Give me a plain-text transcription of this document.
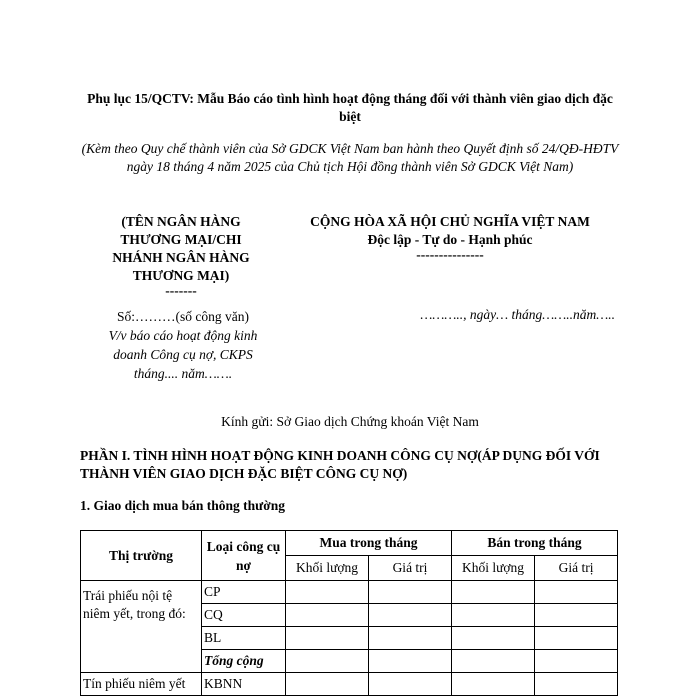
Phụ lục 15/QCTV: Mẫu Báo cáo tình hình hoạt động tháng đối với thành viên giao dịch đặc biệt
(Kèm theo Quy chế thành viên của Sở GDCK Việt Nam ban hành theo Quyết định số 24/QĐ-HĐTV ngày 18 tháng 4 năm 2025 của Chủ tịch Hội đồng thành viên Sở GDCK Việt Nam)
(TÊN NGÂN HÀNG
THƯƠNG MẠI/CHI
NHÁNH NGÂN HÀNG
THƯƠNG MẠI)
-------
CỘNG HÒA XÃ HỘI CHỦ NGHĨA VIỆT NAM
Độc lập - Tự do - Hạnh phúc
---------------
Số:………(số công văn)
V/v báo cáo hoạt động kinh
doanh Công cụ nợ, CKPS
tháng.... năm…….
……….., ngày… tháng……..năm…..
Kính gửi: Sở Giao dịch Chứng khoán Việt Nam
PHẦN I. TÌNH HÌNH HOẠT ĐỘNG KINH DOANH CÔNG CỤ NỢ(ÁP DỤNG ĐỐI VỚI THÀNH VIÊN GIAO DỊCH ĐẶC BIỆT CÔNG CỤ NỢ)
1. Giao dịch mua bán thông thường
Thị trường	Loại công cụ nợ	Mua trong tháng		Bán trong tháng	
		Khối lượng	Giá trị	Khối lượng	Giá trị
Trái phiếu nội tệ niêm yết, trong đó:	CP				
	CQ				
	BL				
	Tổng cộng				
Tín phiếu niêm yết	KBNN				
